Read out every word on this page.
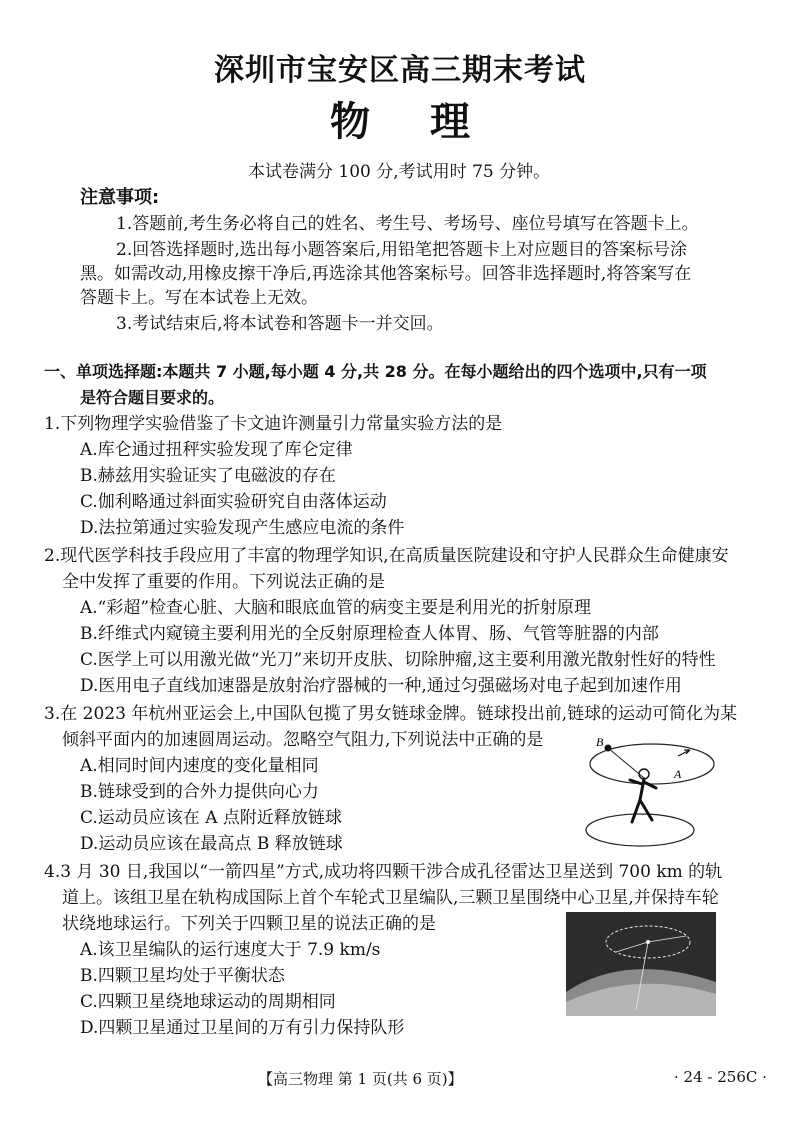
深圳市宝安区高三期末考试
物理
本试卷满分 100 分,考试用时 75 分钟。
注意事项:
1.答题前,考生务必将自己的姓名、考生号、考场号、座位号填写在答题卡上。
2.回答选择题时,选出每小题答案后,用铅笔把答题卡上对应题目的答案标号涂
黑。如需改动,用橡皮擦干净后,再选涂其他答案标号。回答非选择题时,将答案写在
答题卡上。写在本试卷上无效。
3.考试结束后,将本试卷和答题卡一并交回。
一、单项选择题:本题共 7 小题,每小题 4 分,共 28 分。在每小题给出的四个选项中,只有一项
是符合题目要求的。
1.下列物理学实验借鉴了卡文迪许测量引力常量实验方法的是
A.库仑通过扭秤实验发现了库仑定律
B.赫兹用实验证实了电磁波的存在
C.伽利略通过斜面实验研究自由落体运动
D.法拉第通过实验发现产生感应电流的条件
2.现代医学科技手段应用了丰富的物理学知识,在高质量医院建设和守护人民群众生命健康安
全中发挥了重要的作用。下列说法正确的是
A.“彩超”检查心脏、大脑和眼底血管的病变主要是利用光的折射原理
B.纤维式内窥镜主要利用光的全反射原理检查人体胃、肠、气管等脏器的内部
C.医学上可以用激光做“光刀”来切开皮肤、切除肿瘤,这主要利用激光散射性好的特性
D.医用电子直线加速器是放射治疗器械的一种,通过匀强磁场对电子起到加速作用
3.在 2023 年杭州亚运会上,中国队包揽了男女链球金牌。链球投出前,链球的运动可简化为某
倾斜平面内的加速圆周运动。忽略空气阻力,下列说法中正确的是
A.相同时间内速度的变化量相同
B.链球受到的合外力提供向心力
C.运动员应该在 A 点附近释放链球
D.运动员应该在最高点 B 释放链球
B
A
4.3 月 30 日,我国以“一箭四星”方式,成功将四颗干涉合成孔径雷达卫星送到 700 km 的轨
道上。该组卫星在轨构成国际上首个车轮式卫星编队,三颗卫星围绕中心卫星,并保持车轮
状绕地球运行。下列关于四颗卫星的说法正确的是
A.该卫星编队的运行速度大于 7.9 km/s
B.四颗卫星均处于平衡状态
C.四颗卫星绕地球运动的周期相同
D.四颗卫星通过卫星间的万有引力保持队形
【高三物理 第 1 页(共 6 页)】	· 24 - 256C ·
